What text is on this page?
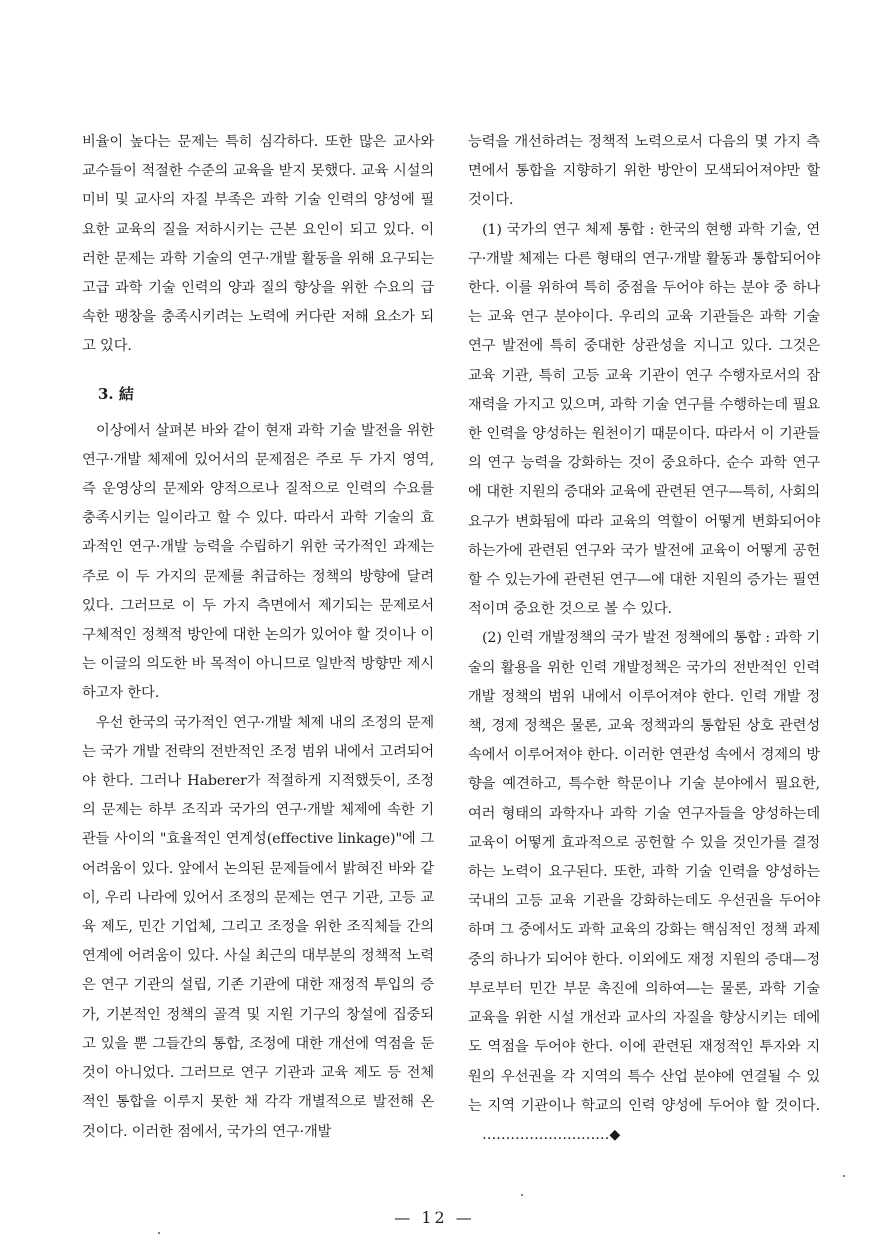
비율이 높다는 문제는 특히 심각하다. 또한 많은 교사와 교수들이 적절한 수준의 교육을 받지 못했다. 교육 시설의 미비 및 교사의 자질 부족은 과학 기술 인력의 양성에 필요한 교육의 질을 저하시키는 근본 요인이 되고 있다. 이러한 문제는 과학 기술의 연구·개발 활동을 위해 요구되는 고급 과학 기술 인력의 양과 질의 향상을 위한 수요의 급속한 팽창을 충족시키려는 노력에 커다란 저해 요소가 되고 있다.

3. 結

이상에서 살펴본 바와 같이 현재 과학 기술 발전을 위한 연구·개발 체제에 있어서의 문제점은 주로 두 가지 영역, 즉 운영상의 문제와 양적으로나 질적으로 인력의 수요를 충족시키는 일이라고 할 수 있다. 따라서 과학 기술의 효과적인 연구·개발 능력을 수립하기 위한 국가적인 과제는 주로 이 두 가지의 문제를 취급하는 정책의 방향에 달려 있다. 그러므로 이 두 가지 측면에서 제기되는 문제로서 구체적인 정책적 방안에 대한 논의가 있어야 할 것이나 이는 이글의 의도한 바 목적이 아니므로 일반적 방향만 제시하고자 한다.

우선 한국의 국가적인 연구·개발 체제 내의 조정의 문제는 국가 개발 전략의 전반적인 조정 범위 내에서 고려되어야 한다. 그러나 Haberer가 적절하게 지적했듯이, 조정의 문제는 하부 조직과 국가의 연구·개발 체제에 속한 기관들 사이의 "효율적인 연계성(effective linkage)"에 그 어려움이 있다. 앞에서 논의된 문제들에서 밝혀진 바와 같이, 우리 나라에 있어서 조정의 문제는 연구 기관, 고등 교육 제도, 민간 기업체, 그리고 조정을 위한 조직체들 간의 연계에 어려움이 있다. 사실 최근의 대부분의 정책적 노력은 연구 기관의 설립, 기존 기관에 대한 재정적 투입의 증가, 기본적인 정책의 골격 및 지원 기구의 창설에 집중되고 있을 뿐 그들간의 통합, 조정에 대한 개선에 역점을 둔 것이 아니었다. 그러므로 연구 기관과 교육 제도 등 전체적인 통합을 이루지 못한 채 각각 개별적으로 발전해 온 것이다. 이러한 점에서, 국가의 연구·개발

능력을 개선하려는 정책적 노력으로서 다음의 몇 가지 측면에서 통합을 지향하기 위한 방안이 모색되어져야만 할 것이다.

(1) 국가의 연구 체제 통합 : 한국의 현행 과학 기술, 연구·개발 체제는 다른 형태의 연구·개발 활동과 통합되어야 한다. 이를 위하여 특히 중점을 두어야 하는 분야 중 하나는 교육 연구 분야이다. 우리의 교육 기관들은 과학 기술 연구 발전에 특히 중대한 상관성을 지니고 있다. 그것은 교육 기관, 특히 고등 교육 기관이 연구 수행자로서의 잠재력을 가지고 있으며, 과학 기술 연구를 수행하는데 필요한 인력을 양성하는 원천이기 때문이다. 따라서 이 기관들의 연구 능력을 강화하는 것이 중요하다. 순수 과학 연구에 대한 지원의 증대와 교육에 관련된 연구—특히, 사회의 요구가 변화됨에 따라 교육의 역할이 어떻게 변화되어야 하는가에 관련된 연구와 국가 발전에 교육이 어떻게 공헌할 수 있는가에 관련된 연구—에 대한 지원의 증가는 필연적이며 중요한 것으로 볼 수 있다.

(2) 인력 개발정책의 국가 발전 정책에의 통합 : 과학 기술의 활용을 위한 인력 개발정책은 국가의 전반적인 인력 개발 정책의 범위 내에서 이루어져야 한다. 인력 개발 정책, 경제 정책은 물론, 교육 정책과의 통합된 상호 관련성 속에서 이루어져야 한다. 이러한 연관성 속에서 경제의 방향을 예견하고, 특수한 학문이나 기술 분야에서 필요한, 여러 형태의 과학자나 과학 기술 연구자들을 양성하는데 교육이 어떻게 효과적으로 공헌할 수 있을 것인가를 결정하는 노력이 요구된다. 또한, 과학 기술 인력을 양성하는 국내의 고등 교육 기관을 강화하는데도 우선권을 두어야 하며 그 중에서도 과학 교육의 강화는 핵심적인 정책 과제 중의 하나가 되어야 한다. 이외에도 재정 지원의 증대—정부로부터 민간 부문 촉진에 의하여—는 물론, 과학 기술 교육을 위한 시설 개선과 교사의 자질을 향상시키는 데에도 역점을 두어야 한다. 이에 관련된 재정적인 투자와 지원의 우선권을 각 지역의 특수 산업 분야에 연결될 수 있는 지역 기관이나 학교의 인력 양성에 두어야 할 것이다. ………………………◆

— 12 —
